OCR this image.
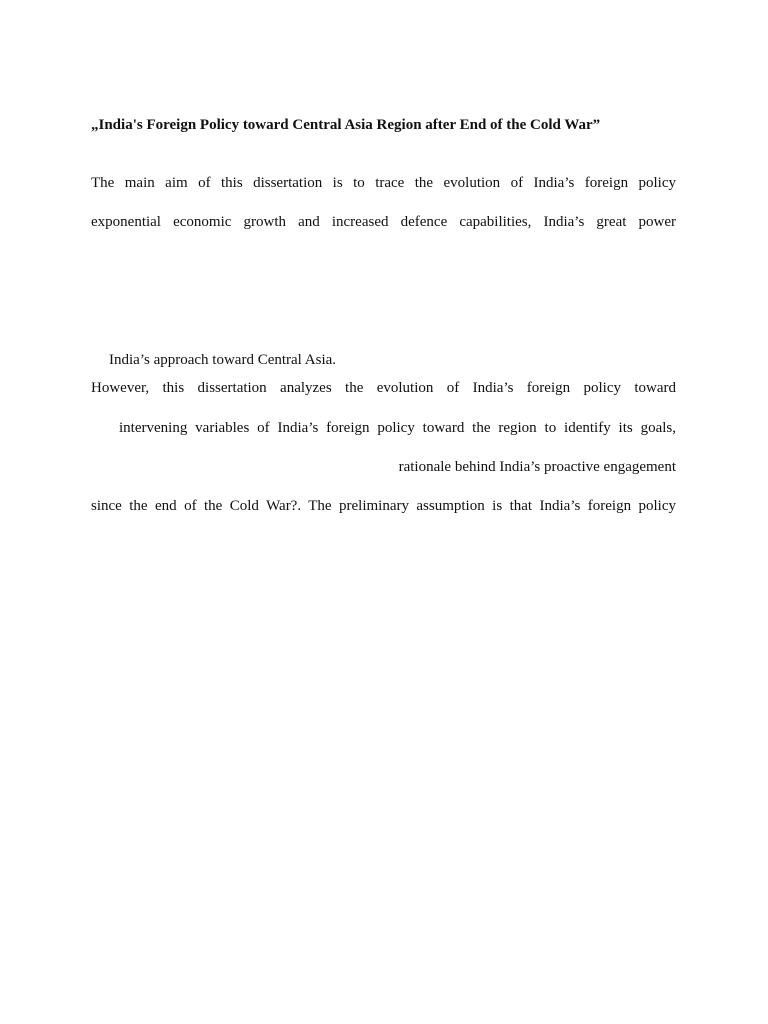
„India's Foreign Policy toward Central Asia Region after End of the Cold War”
The main aim of this dissertation is to trace the evolution of India’s foreign policy
exponential economic growth and increased defence capabilities, India’s great power
India’s approach toward Central Asia.
However, this dissertation analyzes the evolution of India’s foreign policy toward
intervening variables of India’s foreign policy toward the region to identify its goals,
rationale behind India’s proactive engagement
since the end of the Cold War?. The preliminary assumption is that India’s foreign policy
